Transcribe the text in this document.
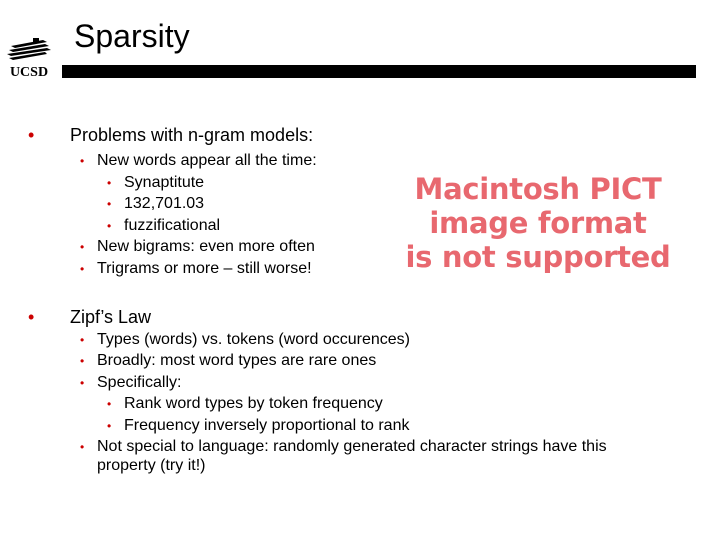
UCSD
Sparsity
• Problems with n-gram models:
• New words appear all the time:
• Synaptitute
• 132,701.03
• fuzzificational
• New bigrams: even more often
• Trigrams or more – still worse!
• Zipf’s Law
• Types (words) vs. tokens (word occurences)
• Broadly: most word types are rare ones
• Specifically:
• Rank word types by token frequency
• Frequency inversely proportional to rank
• Not special to language: randomly generated character strings have this
property (try it!)
Macintosh PICT
image format
is not supported
